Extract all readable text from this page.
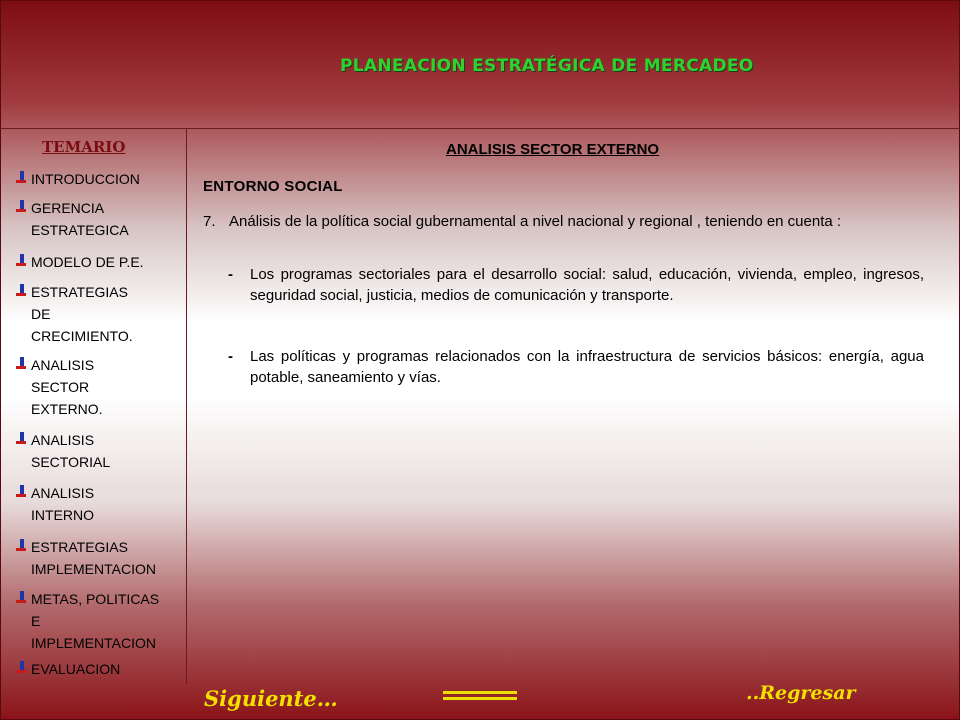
PLANEACION ESTRATÉGICA DE MERCADEO
TEMARIO
INTRODUCCION
GERENCIA
ESTRATEGICA
MODELO DE P.E.
ESTRATEGIAS
DE
CRECIMIENTO.
ANALISIS
SECTOR
EXTERNO.
ANALISIS
SECTORIAL
ANALISIS
INTERNO
ESTRATEGIAS
IMPLEMENTACION
METAS, POLITICAS
E
IMPLEMENTACION
EVALUACION
ANALISIS SECTOR EXTERNO
ENTORNO SOCIAL
7. Análisis de la política social gubernamental a nivel nacional y regional , teniendo en cuenta :
- Los programas sectoriales para el desarrollo social: salud, educación, vivienda, empleo, ingresos, seguridad social, justicia, medios de comunicación y transporte.
- Las políticas y programas relacionados con la infraestructura de servicios básicos: energía, agua potable, saneamiento y vías.
Siguiente…	..Regresar
